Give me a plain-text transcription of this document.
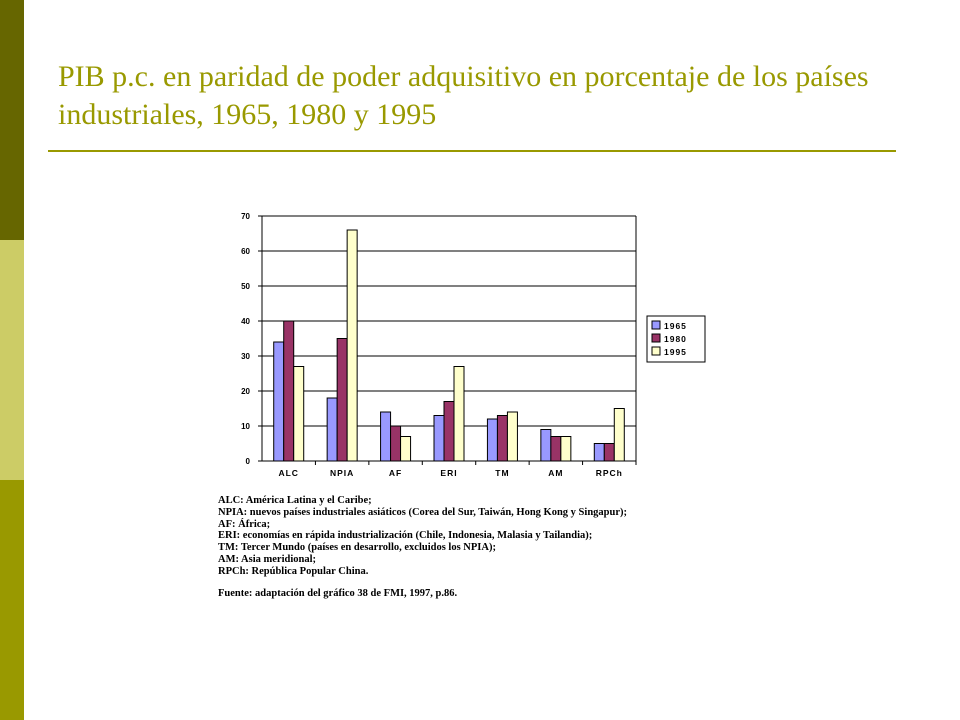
PIB p.c. en paridad de poder adquisitivo en porcentaje de los países industriales, 1965, 1980 y 1995
0
10
20
30
40
50
60
70
ALC	NPIA	AF	ERI	TM	AM	RPCh
1965
1980
1995
ALC: América Latina y el Caribe;
NPIA: nuevos países industriales asiáticos (Corea del Sur, Taiwán, Hong Kong y Singapur);
AF: África;
ERI: economías en rápida industrialización (Chile, Indonesia, Malasia y Tailandia);
TM: Tercer Mundo (países en desarrollo, excluidos los NPIA);
AM: Asia meridional;
RPCh: República Popular China.
Fuente: adaptación del gráfico 38 de FMI, 1997, p.86.
